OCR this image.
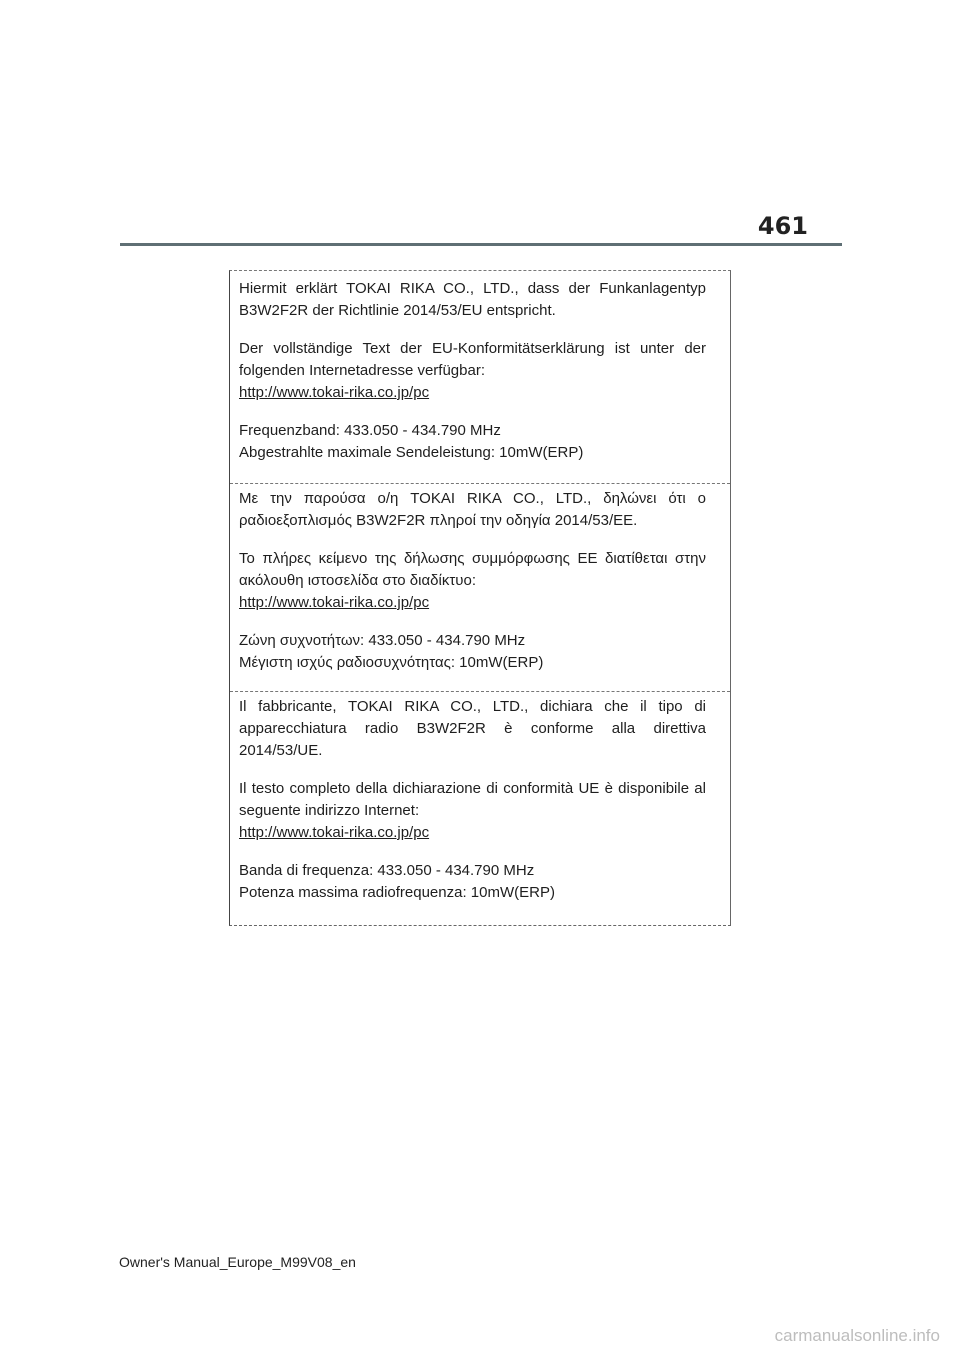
461

Hiermit erklärt TOKAI RIKA CO., LTD., dass der Funkanlagentyp
B3W2F2R der Richtlinie 2014/53/EU entspricht.

Der vollständige Text der EU-Konformitätserklärung ist unter der
folgenden Internetadresse verfügbar:
http://www.tokai-rika.co.jp/pc

Frequenzband: 433.050 - 434.790 MHz
Abgestrahlte maximale Sendeleistung: 10mW(ERP)

Με την παρούσα ο/η TOKAI RIKA CO., LTD., δηλώνει ότι ο
ραδιοεξοπλισμός B3W2F2R πληροί την οδηγία 2014/53/ΕΕ.

Το πλήρες κείμενο της δήλωσης συμμόρφωσης ΕΕ διατίθεται στην
ακόλουθη ιστοσελίδα στο διαδίκτυο:
http://www.tokai-rika.co.jp/pc

Ζώνη συχνοτήτων: 433.050 - 434.790 MHz
Μέγιστη ισχύς ραδιοσυχνότητας: 10mW(ERP)

Il fabbricante, TOKAI RIKA CO., LTD., dichiara che il tipo di
apparecchiatura radio B3W2F2R è conforme alla direttiva
2014/53/UE.

Il testo completo della dichiarazione di conformità UE è disponibile al
seguente indirizzo Internet:
http://www.tokai-rika.co.jp/pc

Banda di frequenza: 433.050 - 434.790 MHz
Potenza massima radiofrequenza: 10mW(ERP)

Owner's Manual_Europe_M99V08_en
carmanualsonline.info
